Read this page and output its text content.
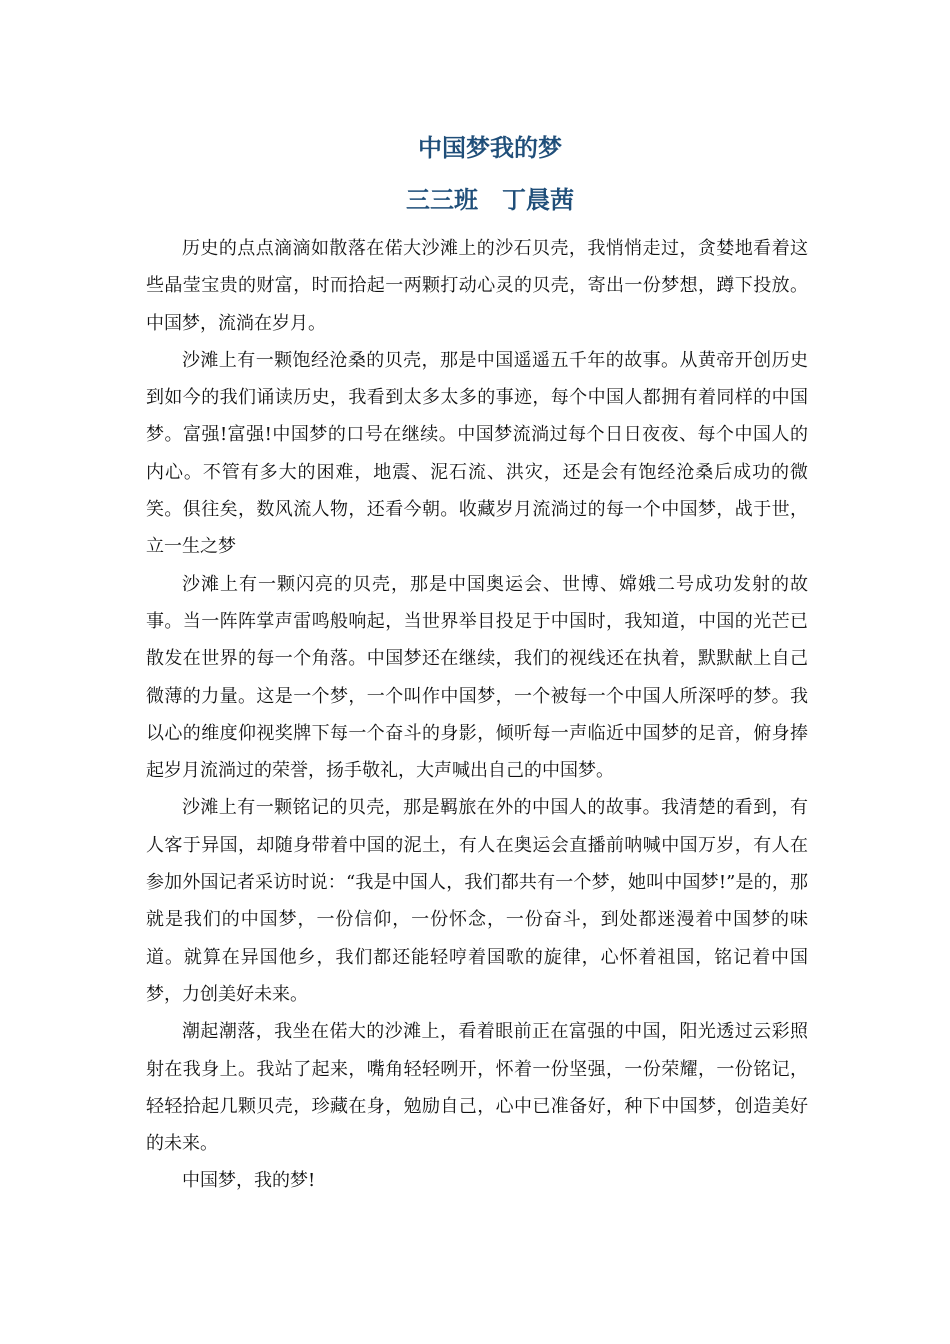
中国梦我的梦
三三班　丁晨茜

历史的点点滴滴如散落在偌大沙滩上的沙石贝壳，我悄悄走过，贪婪地看着这些晶莹宝贵的财富，时而拾起一两颗打动心灵的贝壳，寄出一份梦想，蹲下投放。中国梦，流淌在岁月。

沙滩上有一颗饱经沧桑的贝壳，那是中国遥遥五千年的故事。从黄帝开创历史到如今的我们诵读历史，我看到太多太多的事迹，每个中国人都拥有着同样的中国梦。富强!富强!中国梦的口号在继续。中国梦流淌过每个日日夜夜、每个中国人的内心。不管有多大的困难，地震、泥石流、洪灾，还是会有饱经沧桑后成功的微笑。俱往矣，数风流人物，还看今朝。收藏岁月流淌过的每一个中国梦，战于世，立一生之梦

沙滩上有一颗闪亮的贝壳，那是中国奥运会、世博、嫦娥二号成功发射的故事。当一阵阵掌声雷鸣般响起，当世界举目投足于中国时，我知道，中国的光芒已散发在世界的每一个角落。中国梦还在继续，我们的视线还在执着，默默献上自己微薄的力量。这是一个梦，一个叫作中国梦，一个被每一个中国人所深呼的梦。我以心的维度仰视奖牌下每一个奋斗的身影，倾听每一声临近中国梦的足音，俯身捧起岁月流淌过的荣誉，扬手敬礼，大声喊出自己的中国梦。

沙滩上有一颗铭记的贝壳，那是羁旅在外的中国人的故事。我清楚的看到，有人客于异国，却随身带着中国的泥土，有人在奥运会直播前呐喊中国万岁，有人在参加外国记者采访时说：“我是中国人，我们都共有一个梦，她叫中国梦!”是的，那就是我们的中国梦，一份信仰，一份怀念，一份奋斗，到处都迷漫着中国梦的味道。就算在异国他乡，我们都还能轻哼着国歌的旋律，心怀着祖国，铭记着中国梦，力创美好未来。

潮起潮落，我坐在偌大的沙滩上，看着眼前正在富强的中国，阳光透过云彩照射在我身上。我站了起来，嘴角轻轻咧开，怀着一份坚强，一份荣耀，一份铭记，轻轻拾起几颗贝壳，珍藏在身，勉励自己，心中已准备好，种下中国梦，创造美好的未来。

中国梦，我的梦!
